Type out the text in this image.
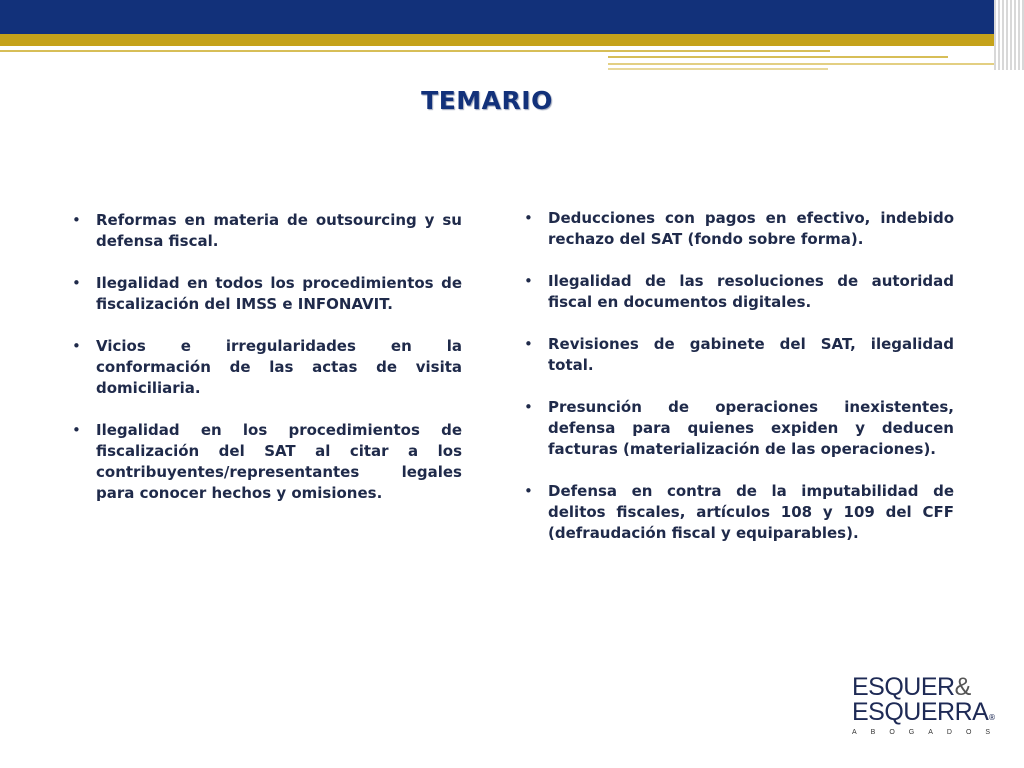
TEMARIO
• Reformas en materia de outsourcing y su defensa fiscal.
• Ilegalidad en todos los procedimientos de fiscalización del IMSS e INFONAVIT.
• Vicios e irregularidades en la conformación de las actas de visita domiciliaria.
• Ilegalidad en los procedimientos de fiscalización del SAT al citar a los contribuyentes/representantes legales para conocer hechos y omisiones.
• Deducciones con pagos en efectivo, indebido rechazo del SAT (fondo sobre forma).
• Ilegalidad de las resoluciones de autoridad fiscal en documentos digitales.
• Revisiones de gabinete del SAT, ilegalidad total.
• Presunción de operaciones inexistentes, defensa para quienes expiden y deducen facturas (materialización de las operaciones).
• Defensa en contra de la imputabilidad de delitos fiscales, artículos 108 y 109 del CFF (defraudación fiscal y equiparables).
ESQUER&
ESQUERRA ®
ABOGADOS
